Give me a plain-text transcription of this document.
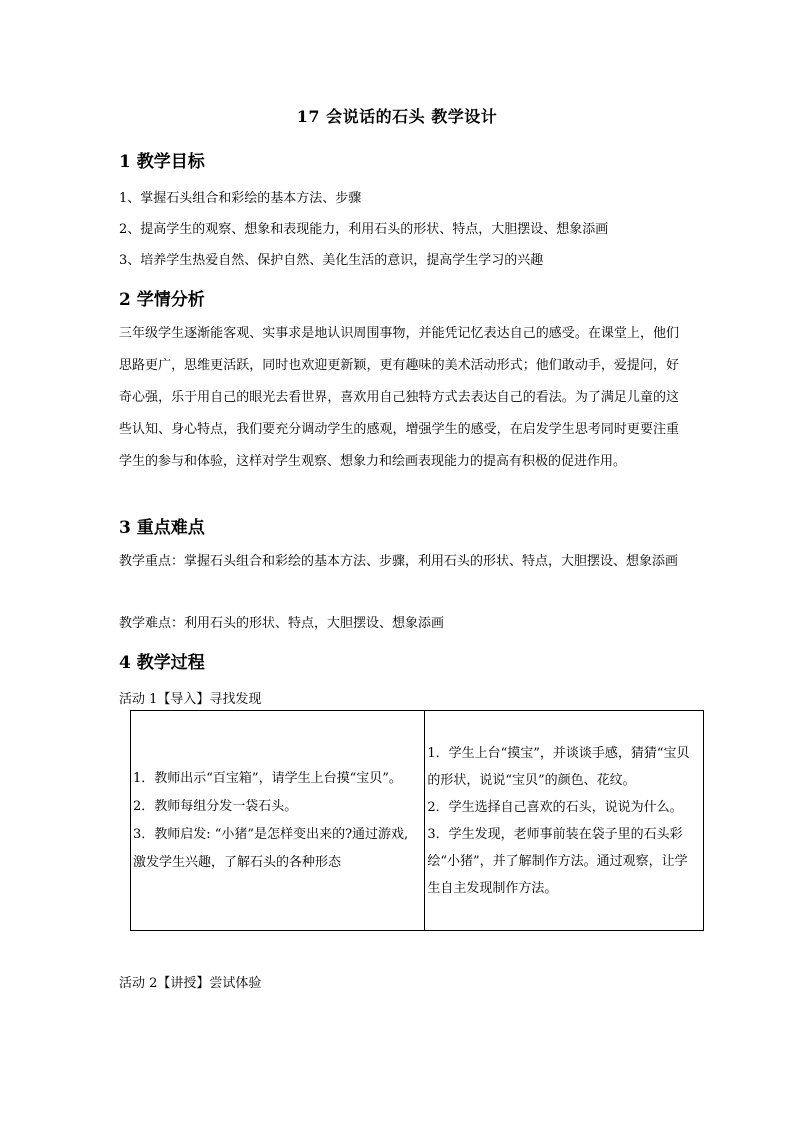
17 会说话的石头 教学设计
1 教学目标
1、掌握石头组合和彩绘的基本方法、步骤
2、提高学生的观察、想象和表现能力，利用石头的形状、特点，大胆摆设、想象添画
3、培养学生热爱自然、保护自然、美化生活的意识，提高学生学习的兴趣
2 学情分析
三年级学生逐渐能客观、实事求是地认识周围事物，并能凭记忆表达自己的感受。在课堂上，他们思路更广，思维更活跃，同时也欢迎更新颖，更有趣味的美术活动形式；他们敢动手，爱提问，好奇心强，乐于用自己的眼光去看世界，喜欢用自己独特方式去表达自己的看法。为了满足儿童的这些认知、身心特点，我们要充分调动学生的感观，增强学生的感受，在启发学生思考同时更要注重学生的参与和体验，这样对学生观察、想象力和绘画表现能力的提高有积极的促进作用。
3 重点难点
教学重点：掌握石头组合和彩绘的基本方法、步骤，利用石头的形状、特点，大胆摆设、想象添画
教学难点：利用石头的形状、特点，大胆摆设、想象添画
4 教学过程
活动 1【导入】寻找发现
1．教师出示“百宝箱”，请学生上台摸“宝贝”。
2．教师每组分发一袋石头。
3．教师启发: “小猪”是怎样变出来的?通过游戏,激发学生兴趣，了解石头的各种形态

1．学生上台“摸宝”，并谈谈手感，猜猜“宝贝的形状，说说“宝贝”的颜色、花纹。
2．学生选择自己喜欢的石头，说说为什么。
3．学生发现，老师事前装在袋子里的石头彩绘“小猪”，并了解制作方法。通过观察，让学生自主发现制作方法。
活动 2【讲授】尝试体验
